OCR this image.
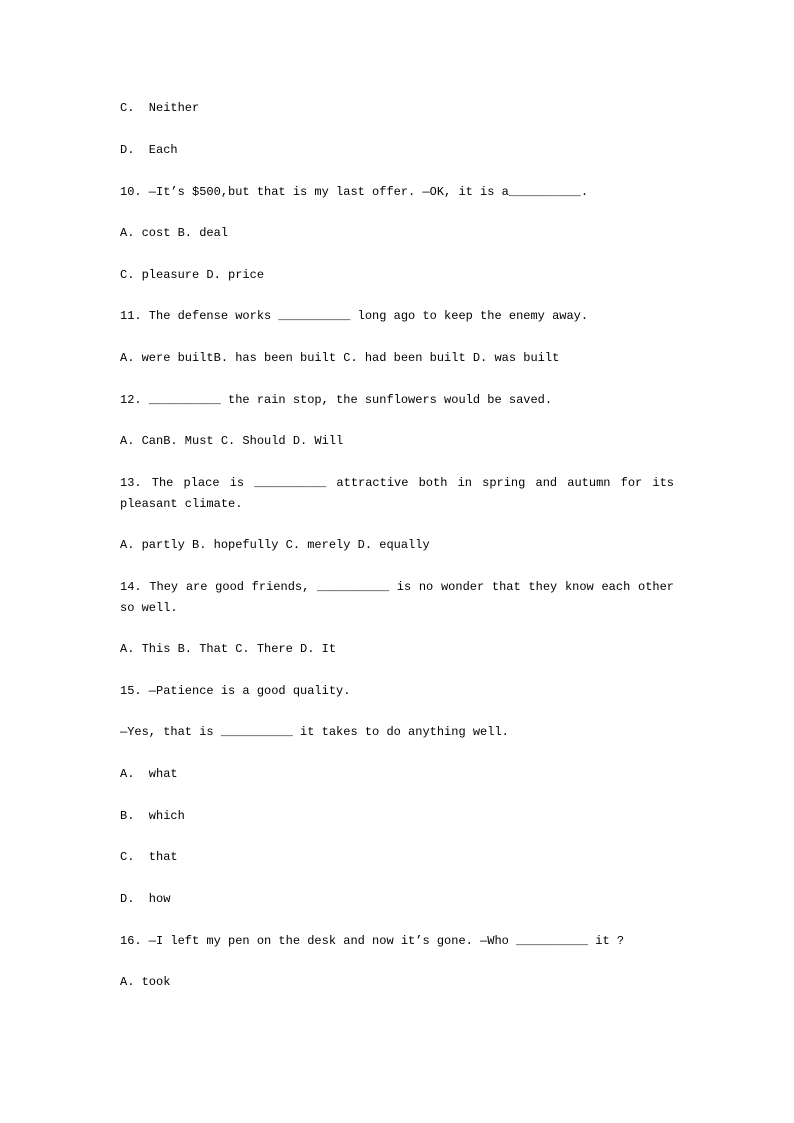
C.  Neither
D.  Each
10. —It’s $500,but that is my last offer. —OK, it is a__________.
A. cost B. deal
C. pleasure D. price
11. The defense works __________ long ago to keep the enemy away.
A. were builtB. has been built C. had been built D. was built
12. __________ the rain stop, the sunflowers would be saved.
A. CanB. Must C. Should D. Will
13. The place is __________ attractive both in spring and autumn for its pleasant climate.
A. partly B. hopefully C. merely D. equally
14. They are good friends, __________ is no wonder that they know each other so well.
A. This B. That C. There D. It
15. —Patience is a good quality.
—Yes, that is __________ it takes to do anything well.
A.  what
B.  which
C.  that
D.  how
16. —I left my pen on the desk and now it’s gone. —Who __________ it ?
A. took
